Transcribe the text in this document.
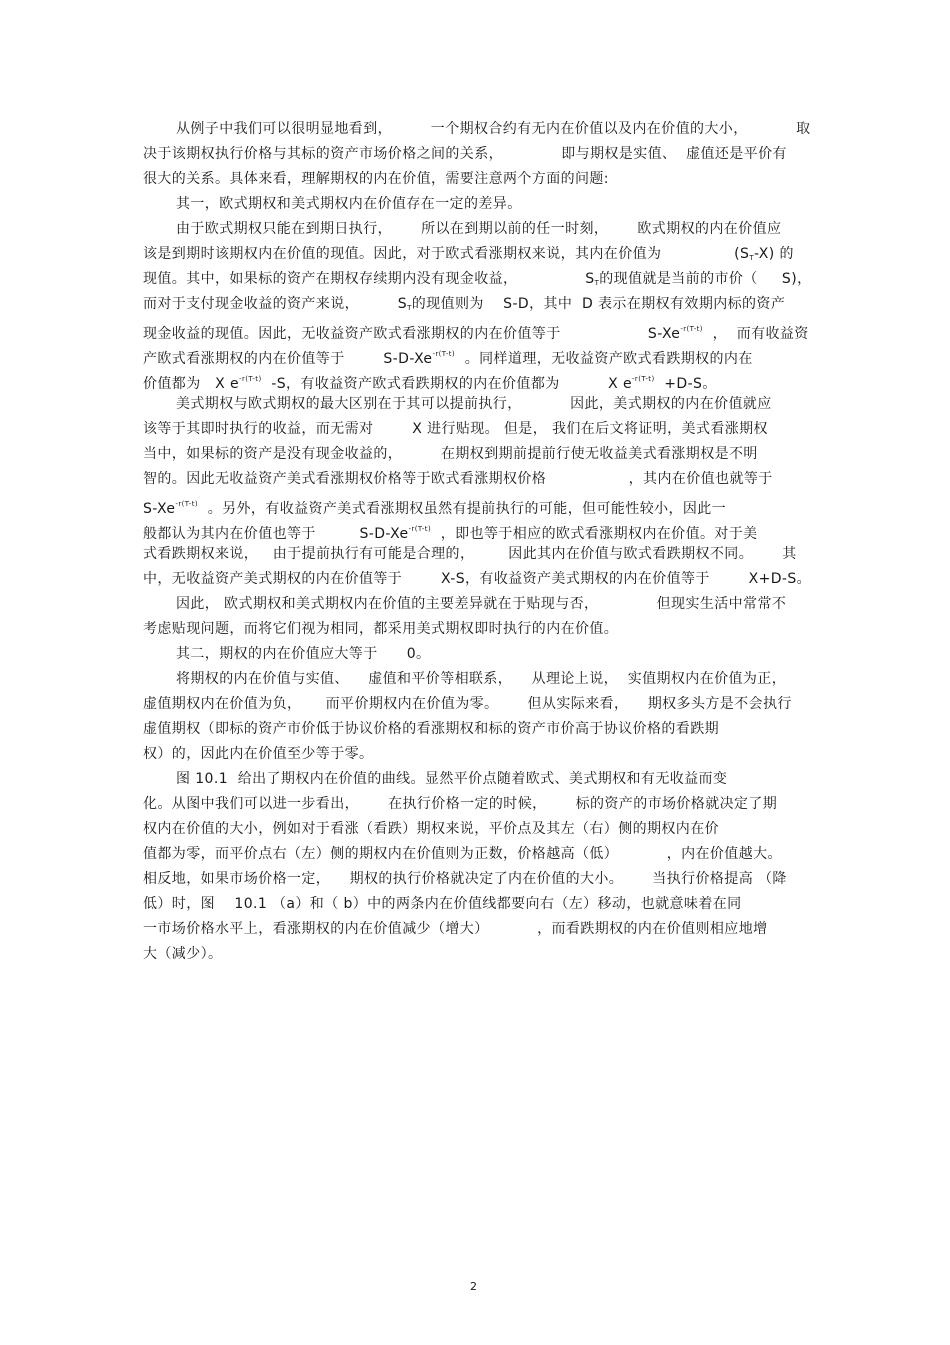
从例子中我们可以很明显地看到，        一个期权合约有无内在价值以及内在价值的大小，          取
决于该期权执行价格与其标的资产市场价格之间的关系，            即与期权是实值、  虚值还是平价有
很大的关系。具体来看，理解期权的内在价值，需要注意两个方面的问题:
其一，欧式期权和美式期权内在价值存在一定的差异。
由于欧式期权只能在到期日执行，      所以在到期以前的任一时刻，      欧式期权的内在价值应
该是到期时该期权内在价值的现值。因此，对于欧式看涨期权来说，其内在价值为               $(S_T-X)$ 的
现值。其中，如果标的资产在期权存续期内没有现金收益，              $S_T$的现值就是当前的市价（     S)，
而对于支付现金收益的资产来说，        $S_T$的现值则为    S-D，其中  D 表示在期权有效期内标的资产
现金收益的现值。因此，无收益资产欧式看涨期权的内在价值等于                  $S-Xe^{-r(T-t)}$  ，  而有收益资
产欧式看涨期权的内在价值等于        $S-D-Xe^{-r(T-t)}$  。同样道理，无收益资产欧式看跌期权的内在
价值都为   X $e^{-r(T-t)}$  -S，有收益资产欧式看跌期权的内在价值都为          X $e^{-r(T-t)} +D-S$。
美式期权与欧式期权的最大区别在于其可以提前执行，          因此，美式期权的内在价值就应
该等于其即时执行的收益，而无需对        X 进行贴现。 但是， 我们在后文将证明，美式看涨期权
当中，如果标的资产是没有现金收益的，        在期权到期前提前行使无收益美式看涨期权是不明
智的。因此无收益资产美式看涨期权价格等于欧式看涨期权价格                 ，其内在价值也就等于
$S-Xe^{-r(T-t)}$  。另外，有收益资产美式看涨期权虽然有提前执行的可能，但可能性较小，因此一
般都认为其内在价值也等于         $S-D-Xe^{-r(T-t)}$  ，即也等于相应的欧式看涨期权内在价值。对于美
式看跌期权来说，   由于提前执行有可能是合理的，       因此其内在价值与欧式看跌期权不同。      其
中，无收益资产美式期权的内在价值等于        X-S，有收益资产美式期权的内在价值等于        X+D-S。
因此， 欧式期权和美式期权内在价值的主要差异就在于贴现与否，            但现实生活中常常不
考虑贴现问题，而将它们视为相同，都采用美式期权即时执行的内在价值。
其二，期权的内在价值应大等于      0。
将期权的内在价值与实值、    虚值和平价等相联系，    从理论上说，  实值期权内在价值为正，
虚值期权内在价值为负，     而平价期权内在价值为零。      但从实际来看，    期权多头方是不会执行
虚值期权（即标的资产市价低于协议价格的看涨期权和标的资产市价高于协议价格的看跌期
权）的，因此内在价值至少等于零。
图 10.1  给出了期权内在价值的曲线。显然平价点随着欧式、美式期权和有无收益而变
化。从图中我们可以进一步看出，      在执行价格一定的时候，      标的资产的市场价格就决定了期
权内在价值的大小，例如对于看涨（看跌）期权来说，平价点及其左（右）侧的期权内在价
值都为零，而平价点右（左）侧的期权内在价值则为正数，价格越高（低）          ，内在价值越大。
相反地，如果市场价格一定，    期权的执行价格就决定了内在价值的大小。      当执行价格提高 （降
低）时，图    10.1 （a）和（ b）中的两条内在价值线都要向右（左）移动，也就意味着在同
一市场价格水平上，看涨期权的内在价值减少（增大）          ，而看跌期权的内在价值则相应地增
大（减少）。
2
